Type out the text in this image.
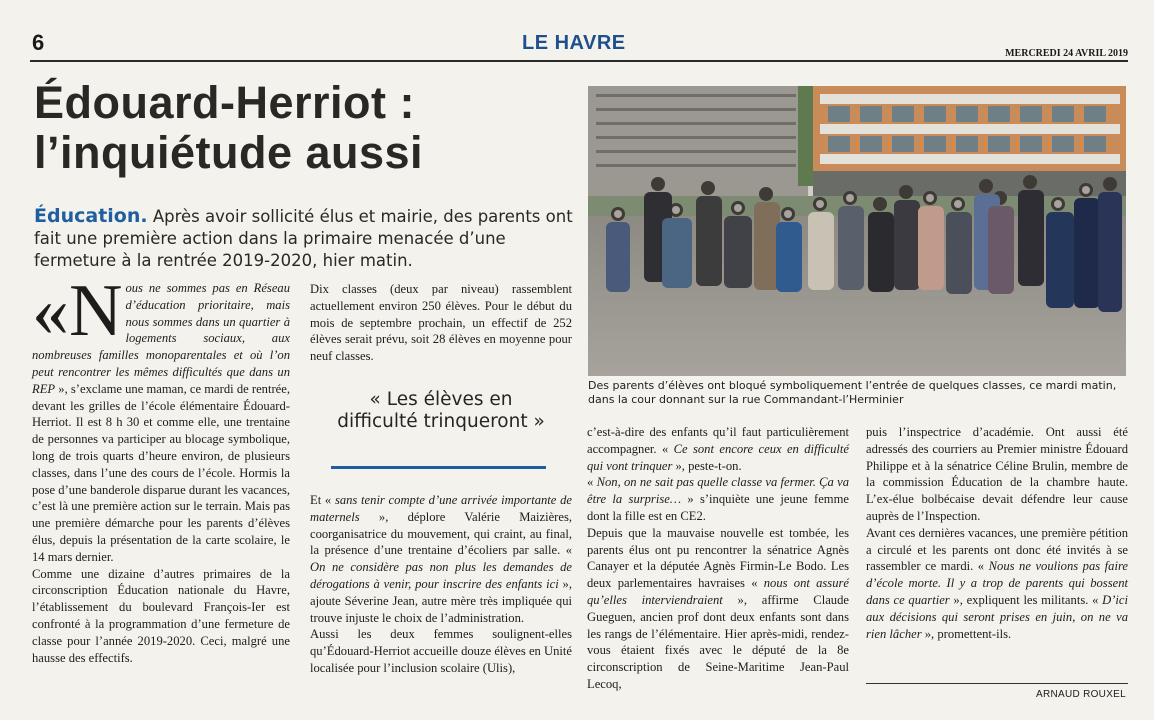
6	LE HAVRE	MERCREDI 24 AVRIL 2019
Édouard-Herriot :
l’inquiétude aussi
Éducation. Après avoir sollicité élus et mairie, des parents ont fait une première action dans la primaire menacée d’une fermeture à la rentrée 2019-2020, hier matin.
Des parents d’élèves ont bloqué symboliquement l’entrée de quelques classes, ce mardi matin, dans la cour donnant sur la rue Commandant-l’Herminier

«Nous ne sommes pas en Réseau d’éducation prioritaire, mais nous sommes dans un quartier à logements sociaux, aux nombreuses familles monoparentales et où l’on peut rencontrer les mêmes difficultés que dans un REP », s’exclame une maman, ce mardi de rentrée, devant les grilles de l’école élémentaire Édouard-Herriot. Il est 8 h 30 et comme elle, une trentaine de personnes va participer au blocage symbolique, long de trois quarts d’heure environ, de plusieurs classes, dans l’une des cours de l’école. Hormis la pose d’une banderole disparue durant les vacances, c’est là une première action sur le terrain. Mais pas une première démarche pour les parents d’élèves élus, depuis la présentation de la carte scolaire, le 14 mars dernier.

Comme une dizaine d’autres primaires de la circonscription Éducation nationale du Havre, l’établissement du boulevard François-Ier est confronté à la programmation d’une fermeture de classe pour l’année 2019-2020. Ceci, malgré une hausse des effectifs.

Dix classes (deux par niveau) rassemblent actuellement environ 250 élèves. Pour le début du mois de septembre prochain, un effectif de 252 élèves serait prévu, soit 28 élèves en moyenne pour neuf classes.

« Les élèves en difficulté trinqueront »

Et « sans tenir compte d’une arrivée importante de maternels », déplore Valérie Maizières, coorganisatrice du mouvement, qui craint, au final, la présence d’une trentaine d’écoliers par salle. « On ne considère pas non plus les demandes de dérogations à venir, pour inscrire des enfants ici », ajoute Séverine Jean, autre mère très impliquée qui trouve injuste le choix de l’administration.

Aussi les deux femmes soulignent-elles qu’Édouard-Herriot accueille douze élèves en Unité localisée pour l’inclusion scolaire (Ulis),

c’est-à-dire des enfants qu’il faut particulièrement accompagner. « Ce sont encore ceux en difficulté qui vont trinquer », peste-t-on.

« Non, on ne sait pas quelle classe va fermer. Ça va être la surprise… » s’inquiète une jeune femme dont la fille est en CE2.

Depuis que la mauvaise nouvelle est tombée, les parents élus ont pu rencontrer la sénatrice Agnès Canayer et la députée Agnès Firmin-Le Bodo. Les deux parlementaires havraises « nous ont assuré qu’elles interviendraient », affirme Claude Gueguen, ancien prof dont deux enfants sont dans les rangs de l’élémentaire. Hier après-midi, rendez-vous étaient fixés avec le député de la 8e circonscription de Seine-Maritime Jean-Paul Lecoq,

puis l’inspectrice d’académie. Ont aussi été adressés des courriers au Premier ministre Édouard Philippe et à la sénatrice Céline Brulin, membre de la commission Éducation de la chambre haute. L’ex-élue bolbécaise devait défendre leur cause auprès de l’Inspection.

Avant ces dernières vacances, une première pétition a circulé et les parents ont donc été invités à se rassembler ce mardi. « Nous ne voulions pas faire d’école morte. Il y a trop de parents qui bossent dans ce quartier », expliquent les militants. « D’ici aux décisions qui seront prises en juin, on ne va rien lâcher », promettent-ils.

ARNAUD ROUXEL
